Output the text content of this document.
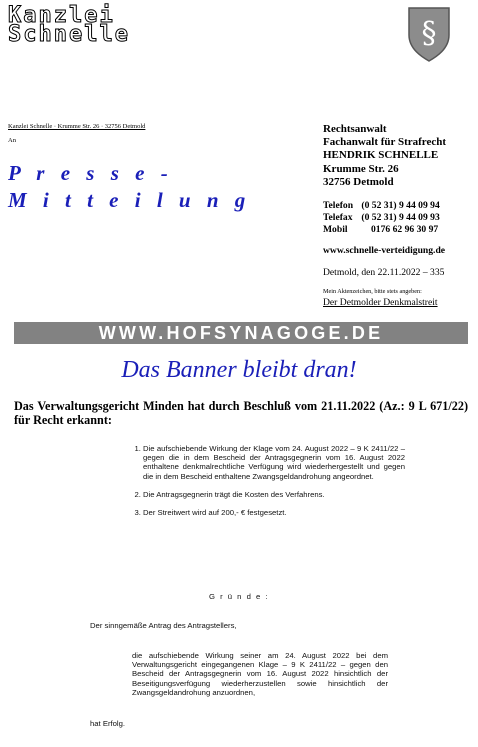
Kanzlei
Schnelle	§
Kanzlei Schnelle · Krumme Str. 26 · 32756 Detmold
An
P r e s s e -
M i t t e i l u n g
Rechtsanwalt
Fachanwalt für Strafrecht
HENDRIK SCHNELLE
Krumme Str. 26
32756 Detmold
Telefon (0 52 31) 9 44 09 94
Telefax (0 52 31) 9 44 09 93
Mobil 0176 62 96 30 97
www.schnelle-verteidigung.de
Detmold, den 22.11.2022 – 335
Mein Aktenzeichen, bitte stets angeben:
Der Detmolder Denkmalstreit
WWW.HOFSYNAGOGE.DE
Das Banner bleibt dran!
Das Verwaltungsgericht Minden hat durch Beschluß vom 21.11.2022 (Az.: 9 L 671/22) für Recht erkannt:
1. Die aufschiebende Wirkung der Klage vom 24. August 2022 – 9 K 2411/22 – gegen die in dem Bescheid der Antragsgegnerin vom 16. August 2022 enthaltene denkmalrechtliche Verfügung wird wiederhergestellt und gegen die in dem Bescheid enthaltene Zwangsgeldandrohung angeordnet.
2. Die Antragsgegnerin trägt die Kosten des Verfahrens.
3. Der Streitwert wird auf 200,- € festgesetzt.
G r ü n d e :
Der sinngemäße Antrag des Antragstellers,
die aufschiebende Wirkung seiner am 24. August 2022 bei dem Verwaltungsgericht eingegangenen Klage – 9 K 2411/22 – gegen den Bescheid der Antragsgegnerin vom 16. August 2022 hinsichtlich der Beseitigungsverfügung wiederherzustellen sowie hinsichtlich der Zwangsgeldandrohung anzuordnen,
hat Erfolg.
